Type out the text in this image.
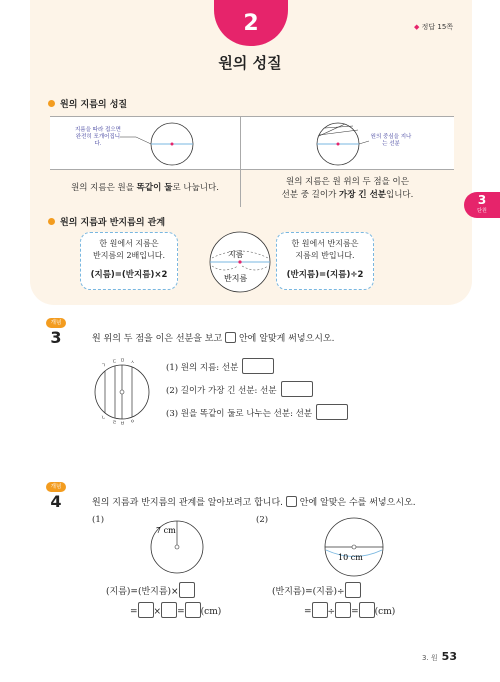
2	◆ 정답 15쪽
원의 성질
원의 지름의 성질
지름을 따라 접으면 완전히 포개어집니다.
원의 중심을 지나는 선분
원의 지름은 원을 똑같이 둘로 나눕니다.
원의 지름은 원 위의 두 점을 이은
선분 중 길이가 가장 긴 선분입니다.	3
단원
원의 지름과 반지름의 관계
한 원에서 지름은
반지름의 2배입니다.
(지름)=(반지름)×2
지름
반지름
한 원에서 반지름은
지름의 반입니다.
(반지름)=(지름)÷2
개념
3	원 위의 두 점을 이은 선분을 보고 안에 알맞게 써넣으시오.
ㄱ
ㄷ ㅁ ㅅ
ㄴ
ㄹ ㅂ ㅇ
(1) 원의 지름: 선분
(2) 길이가 가장 긴 선분: 선분
(3) 원을 똑같이 둘로 나누는 선분: 선분
개념
4	원의 지름과 반지름의 관계를 알아보려고 합니다. 안에 알맞은 수를 써넣으시오.
(1)
7 cm
(2)
10 cm
(지름)=(반지름)×
= × = (cm)
(반지름)=(지름)÷
= ÷ = (cm)
3. 원 53
